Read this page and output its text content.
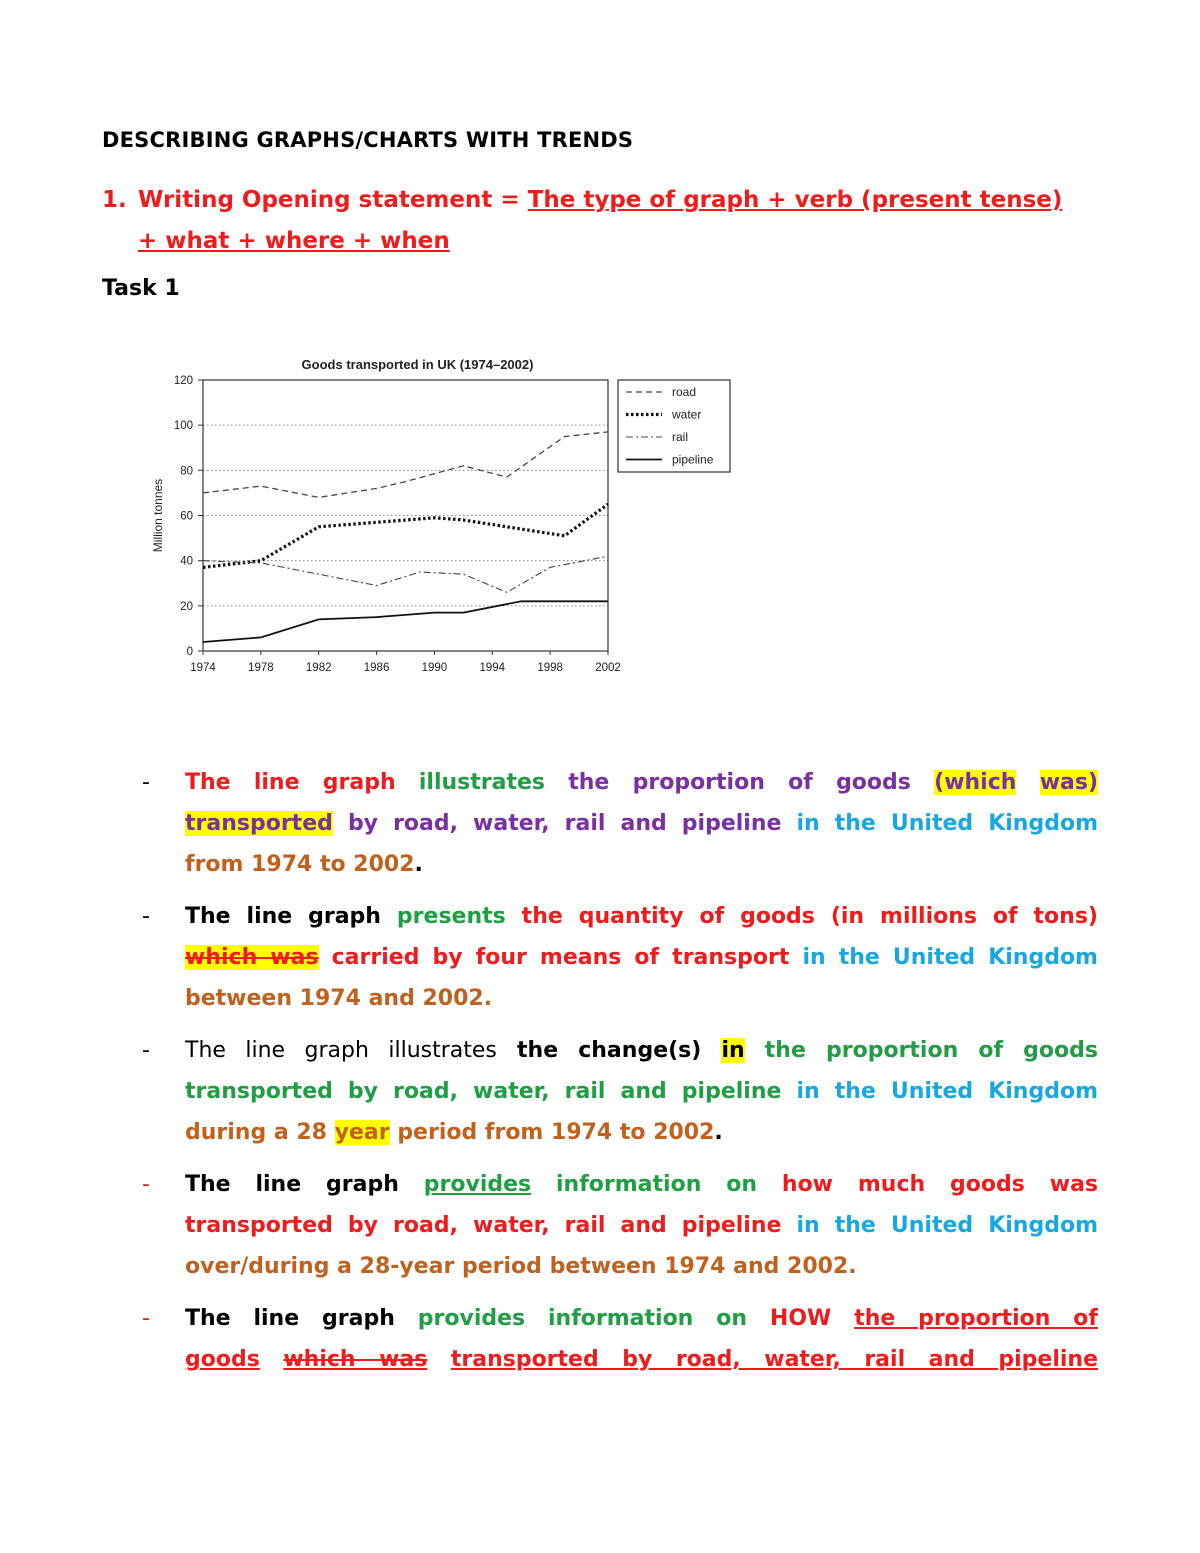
DESCRIBING GRAPHS/CHARTS WITH TRENDS
1. Writing Opening statement = The type of graph + verb (present tense)
+ what + where + when
Task 1
Goods transported in UK (1974–2002)
Million tonnes
0
20
40
60
80
100
120
1974	1978	1982	1986	1990	1994	1998	2002
road
water
rail
pipeline
- The line graph illustrates the proportion of goods (which was)
transported by road, water, rail and pipeline in the United Kingdom
from 1974 to 2002.
- The line graph presents the quantity of goods (in millions of tons)
which was carried by four means of transport in the United Kingdom
between 1974 and 2002.
- The line graph illustrates the change(s) in the proportion of goods
transported by road, water, rail and pipeline in the United Kingdom
during a 28 year period from 1974 to 2002.
- The line graph provides information on how much goods was
transported by road, water, rail and pipeline in the United Kingdom
over/during a 28-year period between 1974 and 2002.
- The line graph provides information on HOW the proportion of
goods which was transported by road, water, rail and pipeline
